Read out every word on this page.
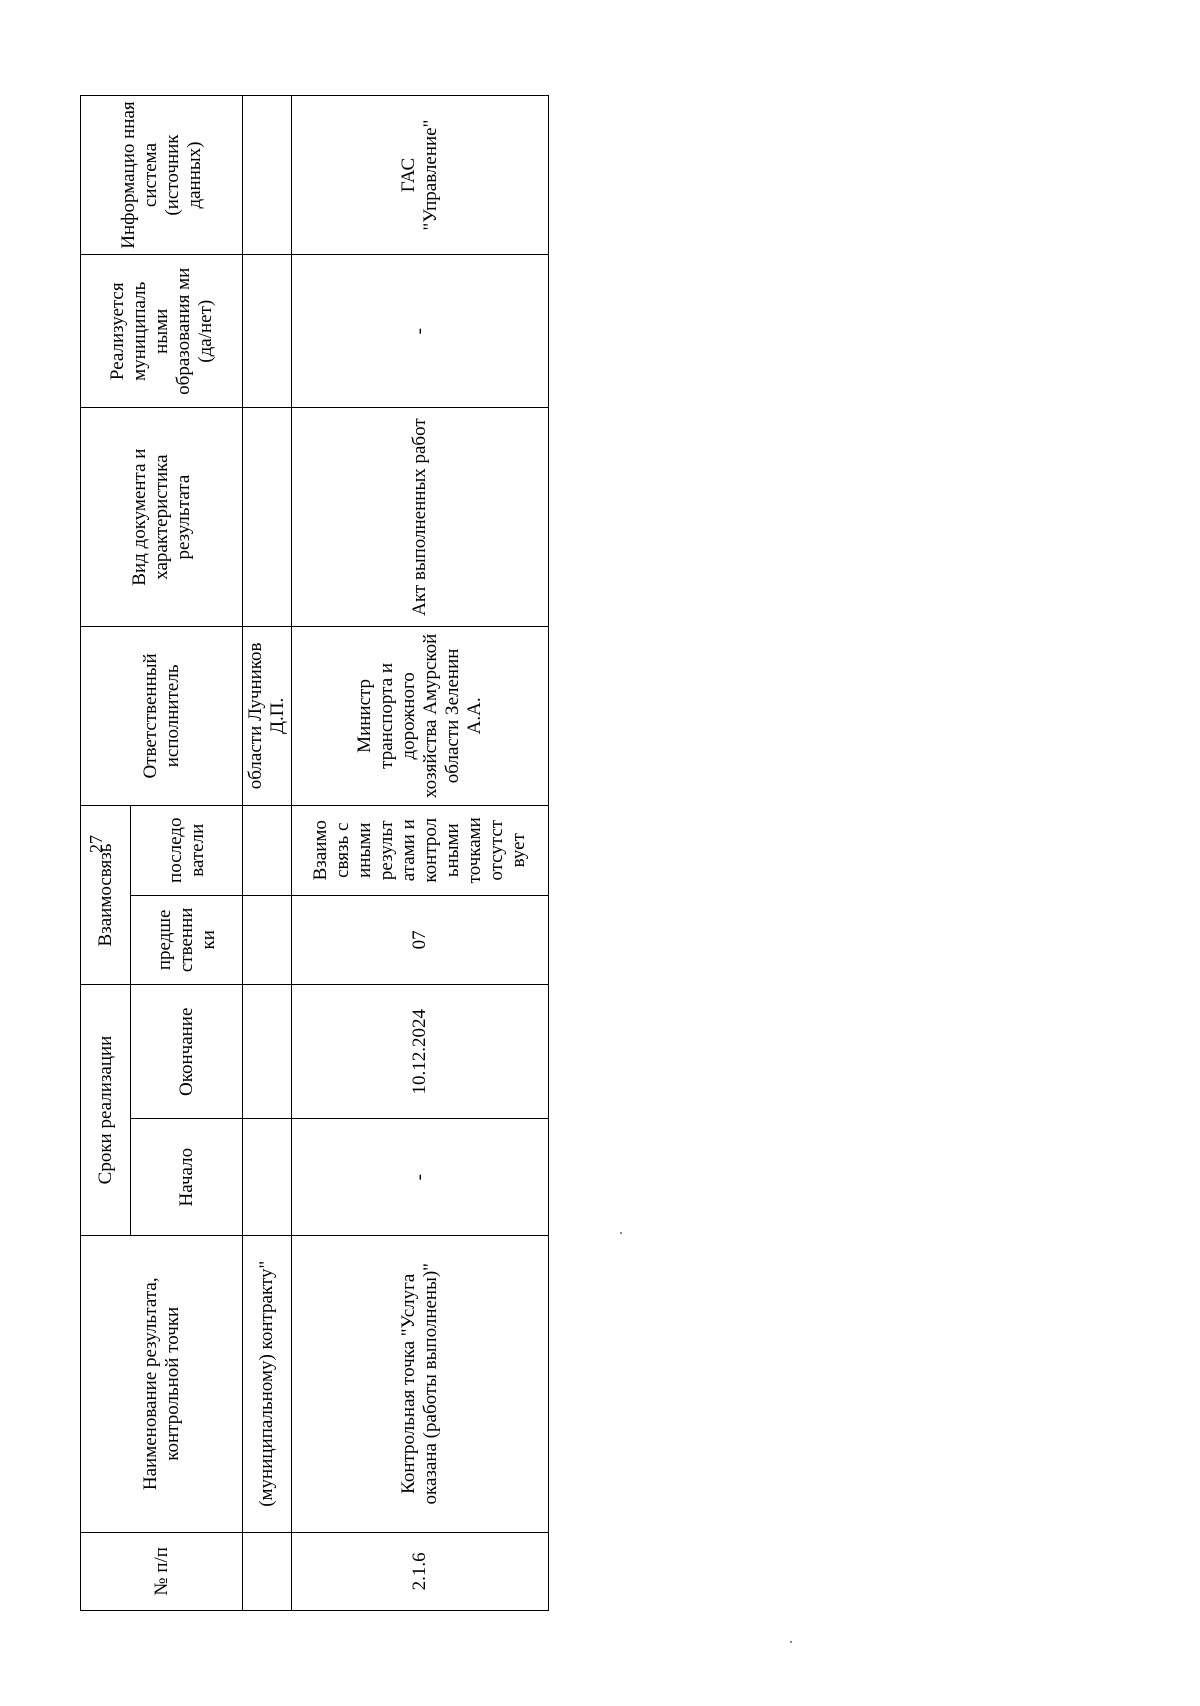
27
№ п/п	Наименование результата, контрольной точки	Сроки реализации		Взаимосвязь		Ответственный исполнитель	Вид документа и характеристика результата	Реализуется муниципаль ными образования ми (да/нет)	Информацио нная система (источник данных)
		Начало	Окончание	предше ственни ки	последо ватели				
	(муниципальному) контракту"					области Лучников Д.П.			
2.1.6	Контрольная точка "Услуга оказана (работы выполнены)"	-	10.12.2024	07	Взаимо связь с иными результ атами и контрол ьными точками отсутст вует	Министр транспорта и дорожного хозяйства Амурской области Зеленин А.А.	Акт выполненных работ	-	ГАС "Управление"
